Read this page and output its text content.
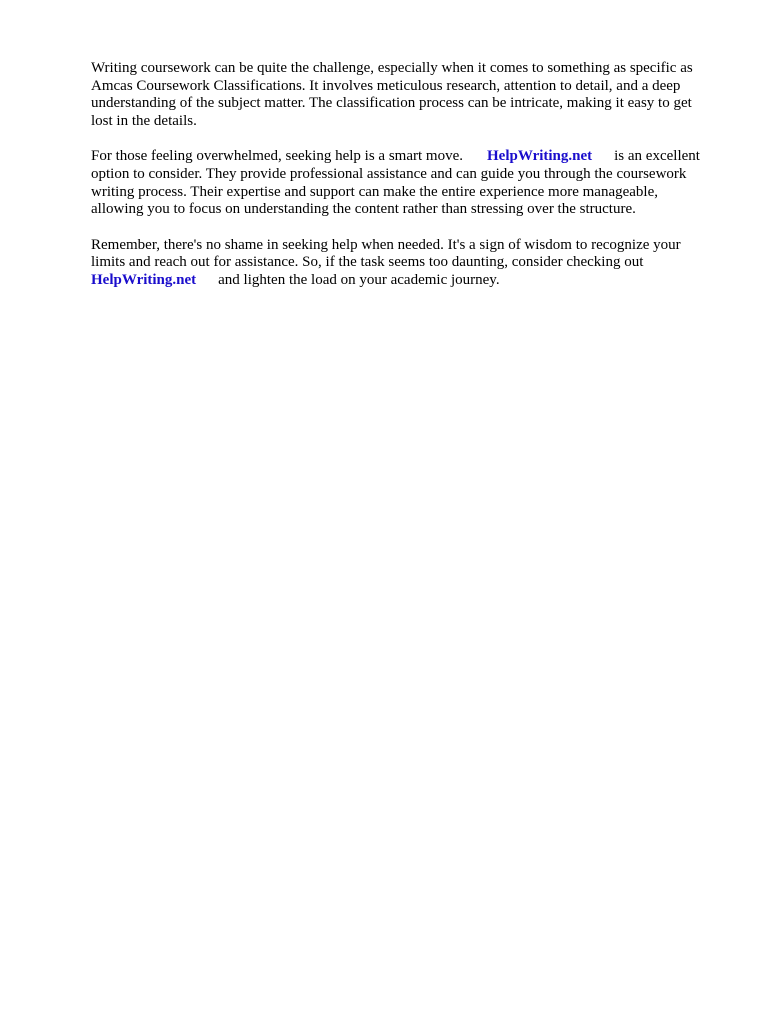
Writing coursework can be quite the challenge, especially when it comes to something as specific as
Amcas Coursework Classifications. It involves meticulous research, attention to detail, and a deep
understanding of the subject matter. The classification process can be intricate, making it easy to get
lost in the details.

For those feeling overwhelmed, seeking help is a smart move. HelpWriting.net is an excellent
option to consider. They provide professional assistance and can guide you through the coursework
writing process. Their expertise and support can make the entire experience more manageable,
allowing you to focus on understanding the content rather than stressing over the structure.

Remember, there's no shame in seeking help when needed. It's a sign of wisdom to recognize your
limits and reach out for assistance. So, if the task seems too daunting, consider checking out
HelpWriting.net and lighten the load on your academic journey.
